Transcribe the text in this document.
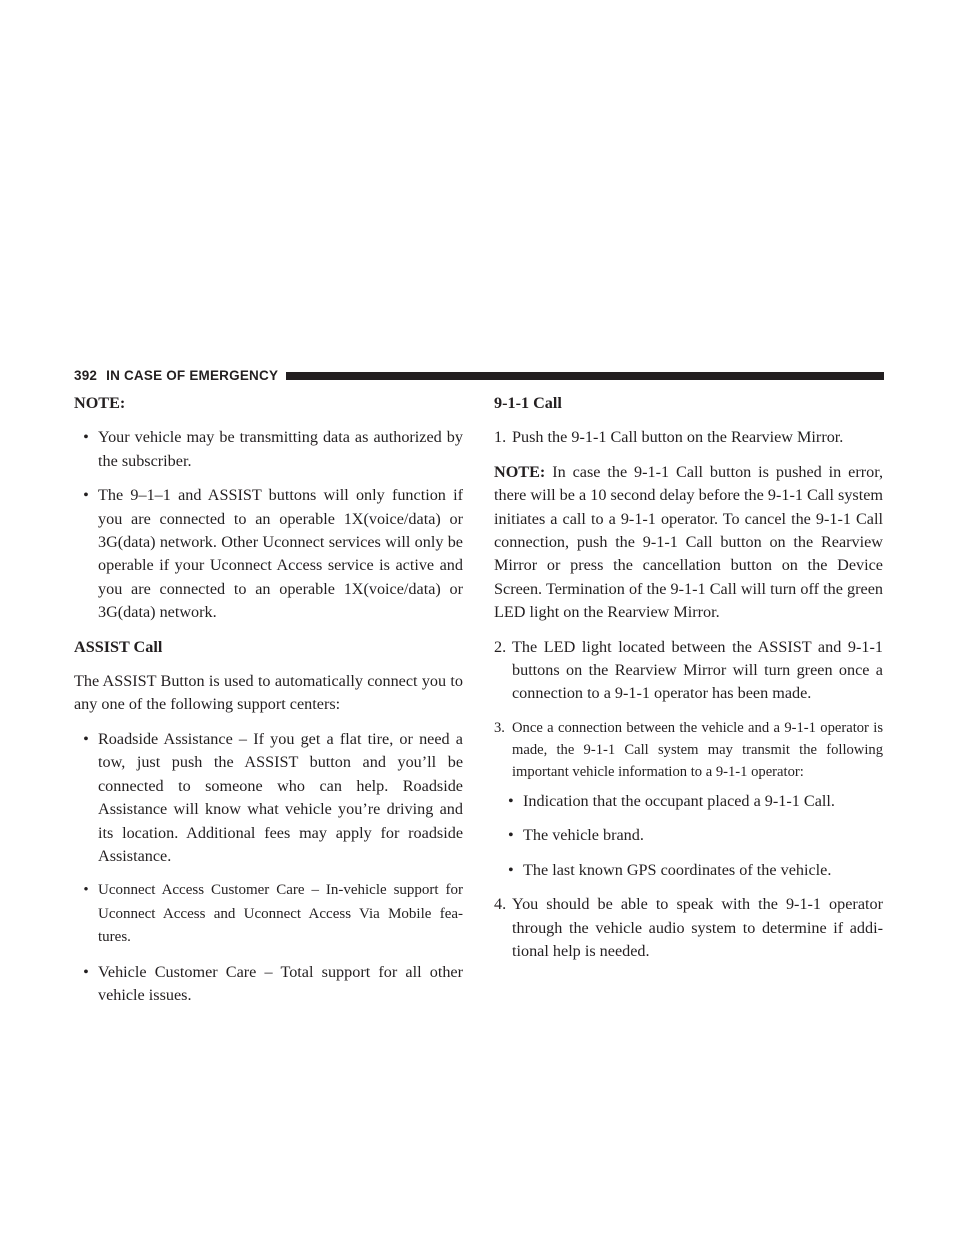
392 IN CASE OF EMERGENCY
NOTE:
• Your vehicle may be transmitting data as authorized by the subscriber.
• The 9–1–1 and ASSIST buttons will only function if you are connected to an operable 1X(voice/data) or 3G(data) network. Other Uconnect services will only be operable if your Uconnect Access service is active and you are connected to an operable 1X(voice/data) or 3G(data) network.
ASSIST Call

The ASSIST Button is used to automatically connect you to any one of the following support centers:

• Roadside Assistance – If you get a flat tire, or need a tow, just push the ASSIST button and you’ll be connected to someone who can help. Roadside Assistance will know what vehicle you’re driving and its location. Additional fees may apply for roadside Assistance.
• Uconnect Access Customer Care – In-vehicle support for Uconnect Access and Uconnect Access Via Mobile fea- tures.
• Vehicle Customer Care – Total support for all other vehicle issues.
9-1-1 Call
1. Push the 9-1-1 Call button on the Rearview Mirror.

NOTE: In case the 9-1-1 Call button is pushed in error, there will be a 10 second delay before the 9-1-1 Call system initiates a call to a 9-1-1 operator. To cancel the 9-1-1 Call connection, push the 9-1-1 Call button on the Rearview Mirror or press the cancellation button on the Device Screen. Termination of the 9-1-1 Call will turn off the green LED light on the Rearview Mirror.

2. The LED light located between the ASSIST and 9-1-1 buttons on the Rearview Mirror will turn green once a connection to a 9-1-1 operator has been made.
3. Once a connection between the vehicle and a 9-1-1 operator is made, the 9-1-1 Call system may transmit the following important vehicle information to a 9-1-1 operator:
• Indication that the occupant placed a 9-1-1 Call.
• The vehicle brand.
• The last known GPS coordinates of the vehicle.
4. You should be able to speak with the 9-1-1 operator through the vehicle audio system to determine if addi- tional help is needed.
